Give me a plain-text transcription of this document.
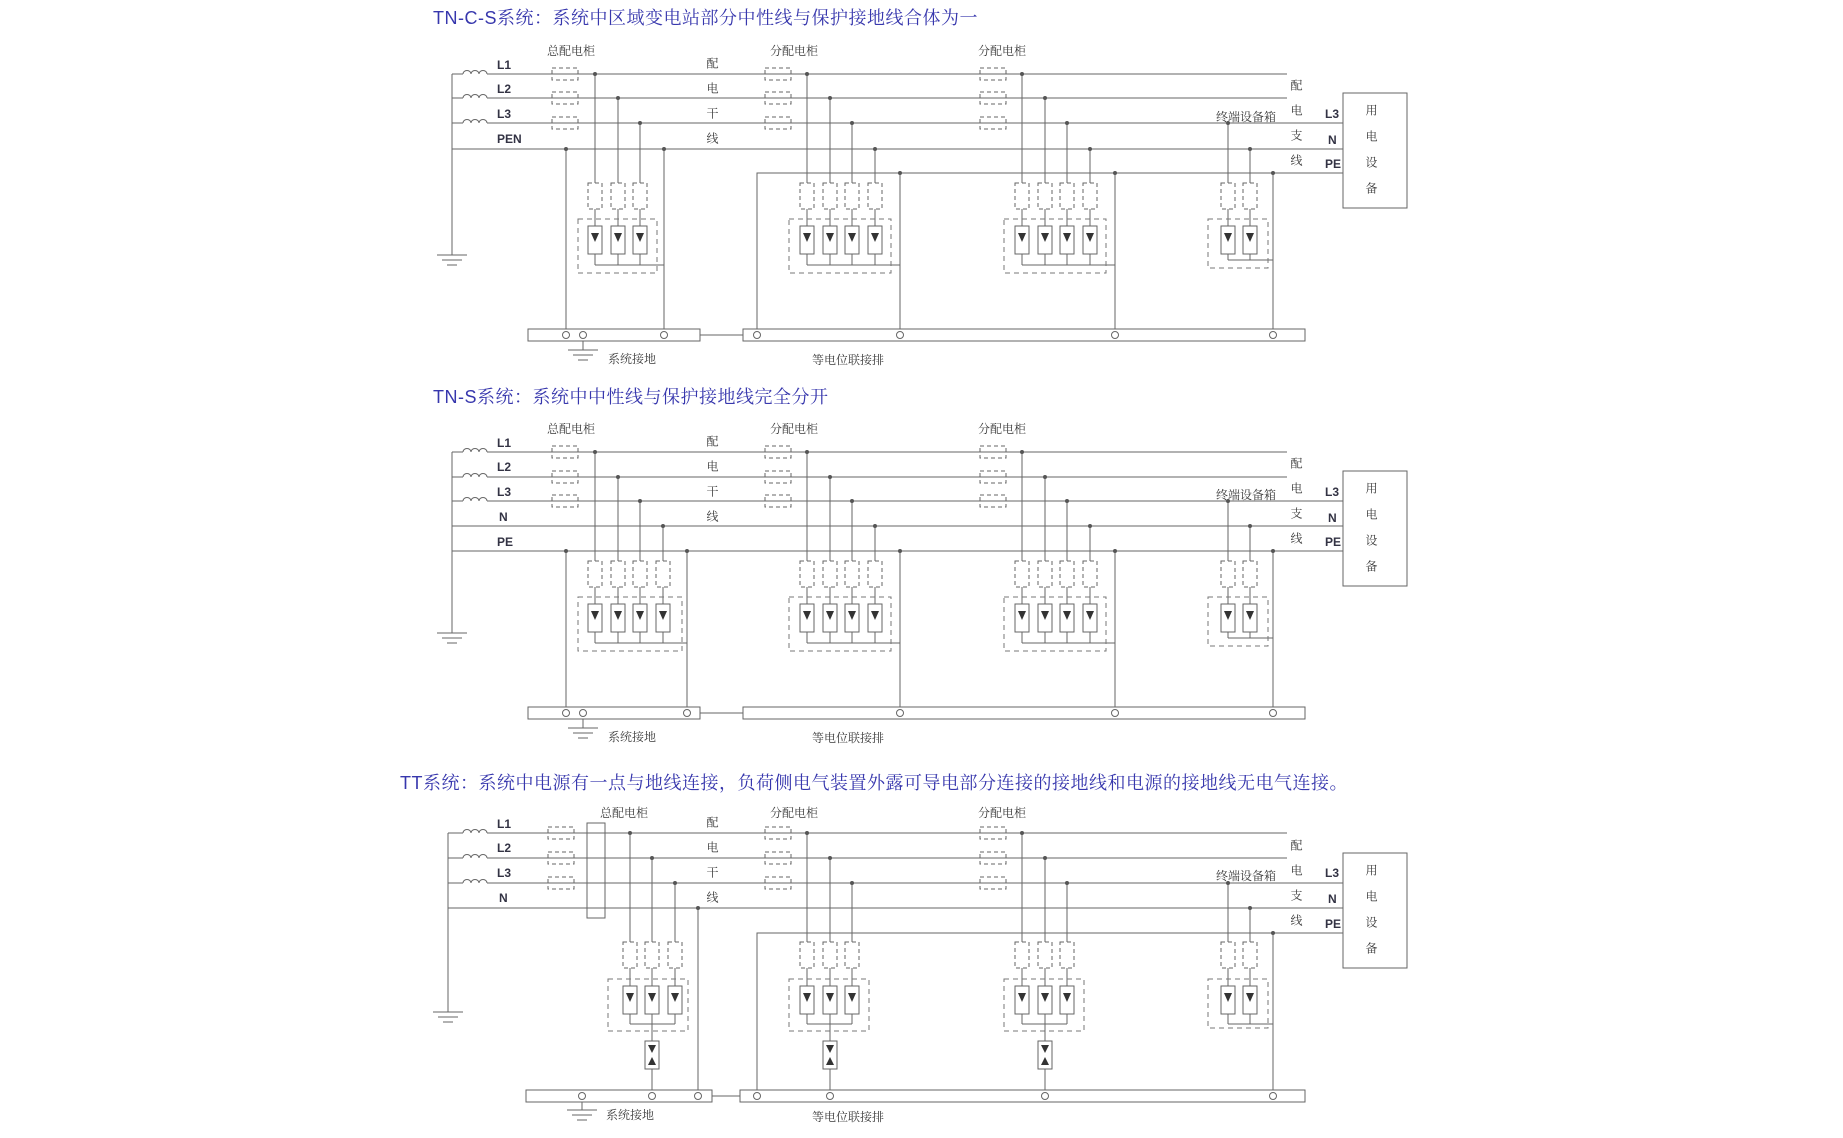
TN-C-S系统：系统中区域变电站部分中性线与保护接地线合体为一
总配电柜	分配电柜	分配电柜
L1
L2
L3
PEN	配电干线	终端设备箱 配电支线 L3
N
PE 用电设备
系统接地	等电位联接排
TN-S系统：系统中中性线与保护接地线完全分开
总配电柜	分配电柜	分配电柜
L1
L2
L3
N
PE
配电干线	终端设备箱 配电支线 L3
N
PE 用电设备
系统接地	等电位联接排
TT系统：系统中电源有一点与地线连接，负荷侧电气装置外露可导电部分连接的接地线和电源的接地线无电气连接。
总配电柜	分配电柜	分配电柜
L1
L2
L3
N	配电干线	终端设备箱 配电支线 L3
N
PE 用电设备
系统接地	等电位联接排
